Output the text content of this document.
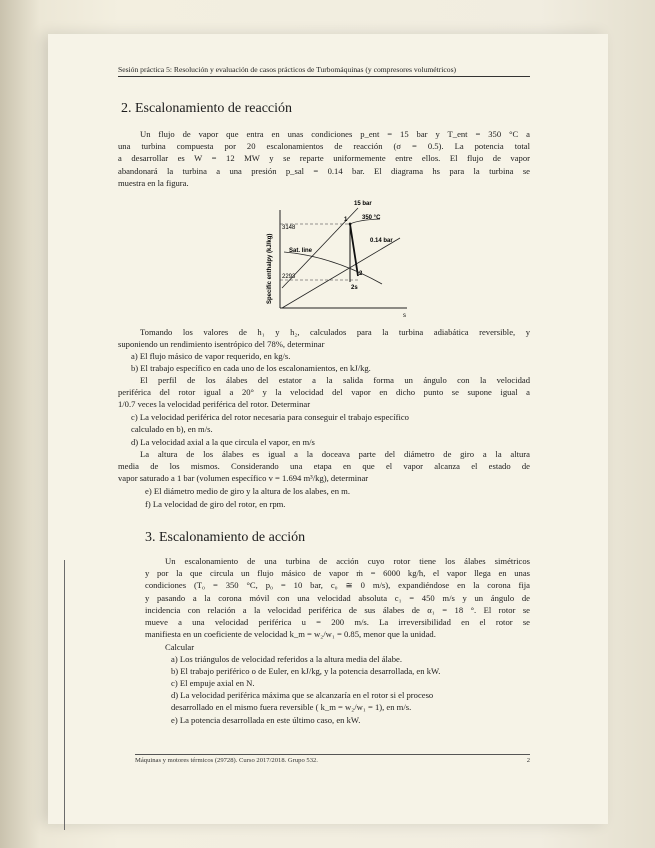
Sesión práctica 5: Resolución y evaluación de casos prácticos de Turbomáquinas (y compresores volumétricos)
2. Escalonamiento de reacción
Un flujo de vapor que entra en unas condiciones p_ent = 15 bar y T_ent = 350 °C a
una turbina compuesta por 20 escalonamientos de reacción (σ = 0.5). La potencia total
a desarrollar es W = 12 MW y se reparte uniformemente entre ellos. El flujo de vapor
abandonará la turbina a una presión p_sal = 0.14 bar. El diagrama hs para la turbina se
muestra en la figura.
Specific enthalpy (kJ/kg)
s
3148
2293
15 bar
350 °C
0.14 bar
Sat. line
1
2
2s
Tomando los valores de h₁ y h₂, calculados para la turbina adiabática reversible, y
suponiendo un rendimiento isentrópico del 78%, determinar
a) El flujo másico de vapor requerido, en kg/s.
b) El trabajo específico en cada uno de los escalonamientos, en kJ/kg.
El perfil de los álabes del estator a la salida forma un ángulo con la velocidad
periférica del rotor igual a 20° y la velocidad del vapor en dicho punto se supone igual a
1/0.7 veces la velocidad periférica del rotor. Determinar
c) La velocidad periférica del rotor necesaria para conseguir el trabajo específico
calculado en b), en m/s.
d) La velocidad axial a la que circula el vapor, en m/s
La altura de los álabes es igual a la doceava parte del diámetro de giro a la altura
media de los mismos. Considerando una etapa en que el vapor alcanza el estado de
vapor saturado a 1 bar (volumen específico v = 1.694 m³/kg), determinar
e) El diámetro medio de giro y la altura de los alabes, en m.
f) La velocidad de giro del rotor, en rpm.
3. Escalonamiento de acción
Un escalonamiento de una turbina de acción cuyo rotor tiene los álabes simétricos
y por la que circula un flujo másico de vapor ṁ = 6000 kg/h, el vapor llega en unas
condiciones (T₀ = 350 °C, p₀ = 10 bar, c₀ ≅ 0 m/s), expandiéndose en la corona fija
y pasando a la corona móvil con una velocidad absoluta c₁ = 450 m/s y un ángulo de
incidencia con relación a la velocidad periférica de sus álabes de α₁ = 18 °. El rotor se
mueve a una velocidad periférica u = 200 m/s. La irreversibilidad en el rotor se
manifiesta en un coeficiente de velocidad k_m = w₂/w₁ = 0.85, menor que la unidad.
Calcular
a) Los triángulos de velocidad referidos a la altura media del álabe.
b) El trabajo periférico o de Euler, en kJ/kg, y la potencia desarrollada, en kW.
c) El empuje axial en N.
d) La velocidad periférica máxima que se alcanzaría en el rotor si el proceso
desarrollado en el mismo fuera reversible ( k_m = w₂/w₁ = 1), en m/s.
e) La potencia desarrollada en este último caso, en kW.
Máquinas y motores térmicos (29728). Curso 2017/2018. Grupo 532.	2
